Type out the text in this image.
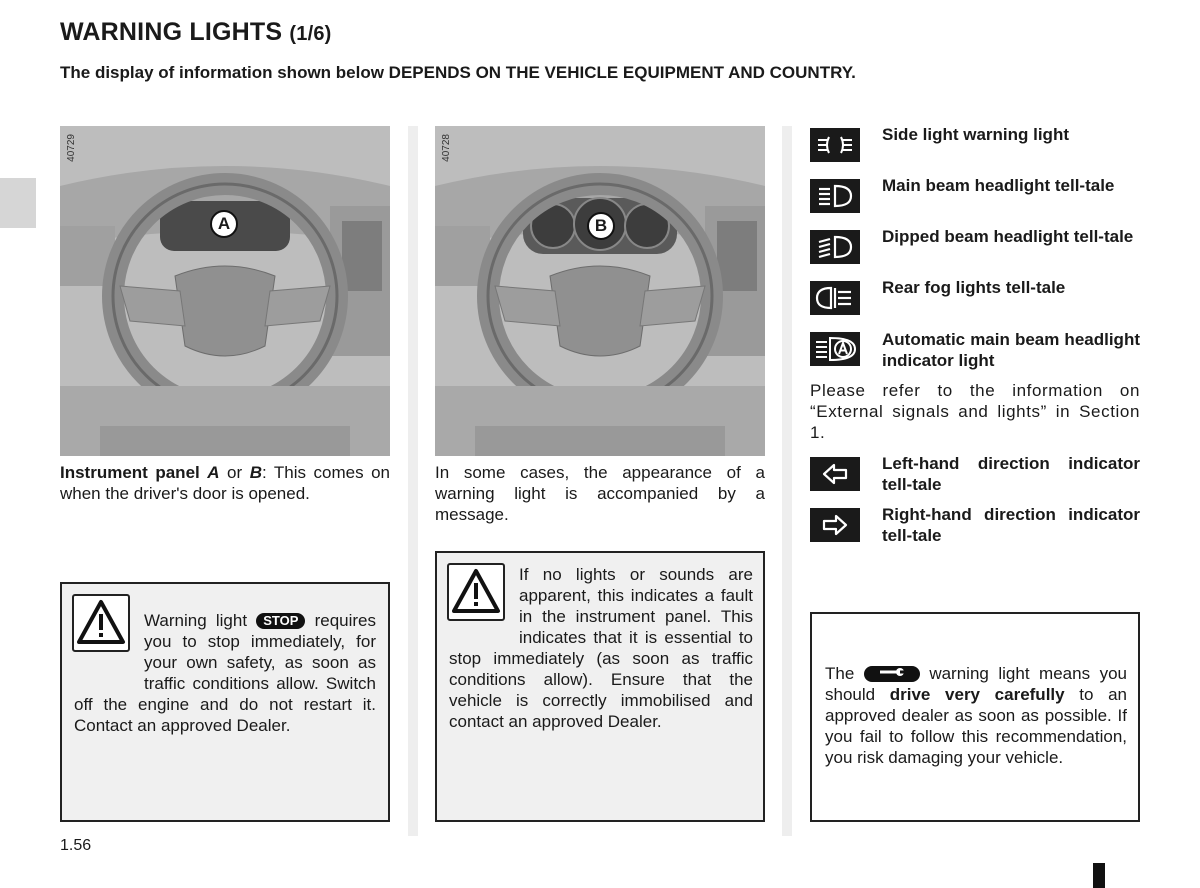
WARNING LIGHTS (1/6)
The display of information shown below DEPENDS ON THE VEHICLE EQUIPMENT AND COUNTRY.
40729
A
40728
B
Instrument panel A or B: This comes on when the driver's door is opened.
In some cases, the appearance of a warning light is accompanied by a message.
Warning light STOP requires you to stop immediately, for your own safety, as soon as traffic conditions allow. Switch off the engine and do not restart it. Contact an approved Dealer.
If no lights or sounds are apparent, this indicates a fault in the instrument panel. This indicates that it is essential to stop immediately (as soon as traffic conditions allow). Ensure that the vehicle is correctly immobilised and contact an approved Dealer.
Side light warning light
Main beam headlight tell-tale
Dipped beam headlight tell-tale
Rear fog lights tell-tale
Automatic main beam headlight indicator light
Please refer to the information on “External signals and lights” in Section 1.
Left-hand direction indicator tell-tale
Right-hand direction indicator tell-tale
The	warning light means you should drive very carefully to an approved dealer as soon as possible. If you fail to follow this recommendation, you risk damaging your vehicle.
1.56
